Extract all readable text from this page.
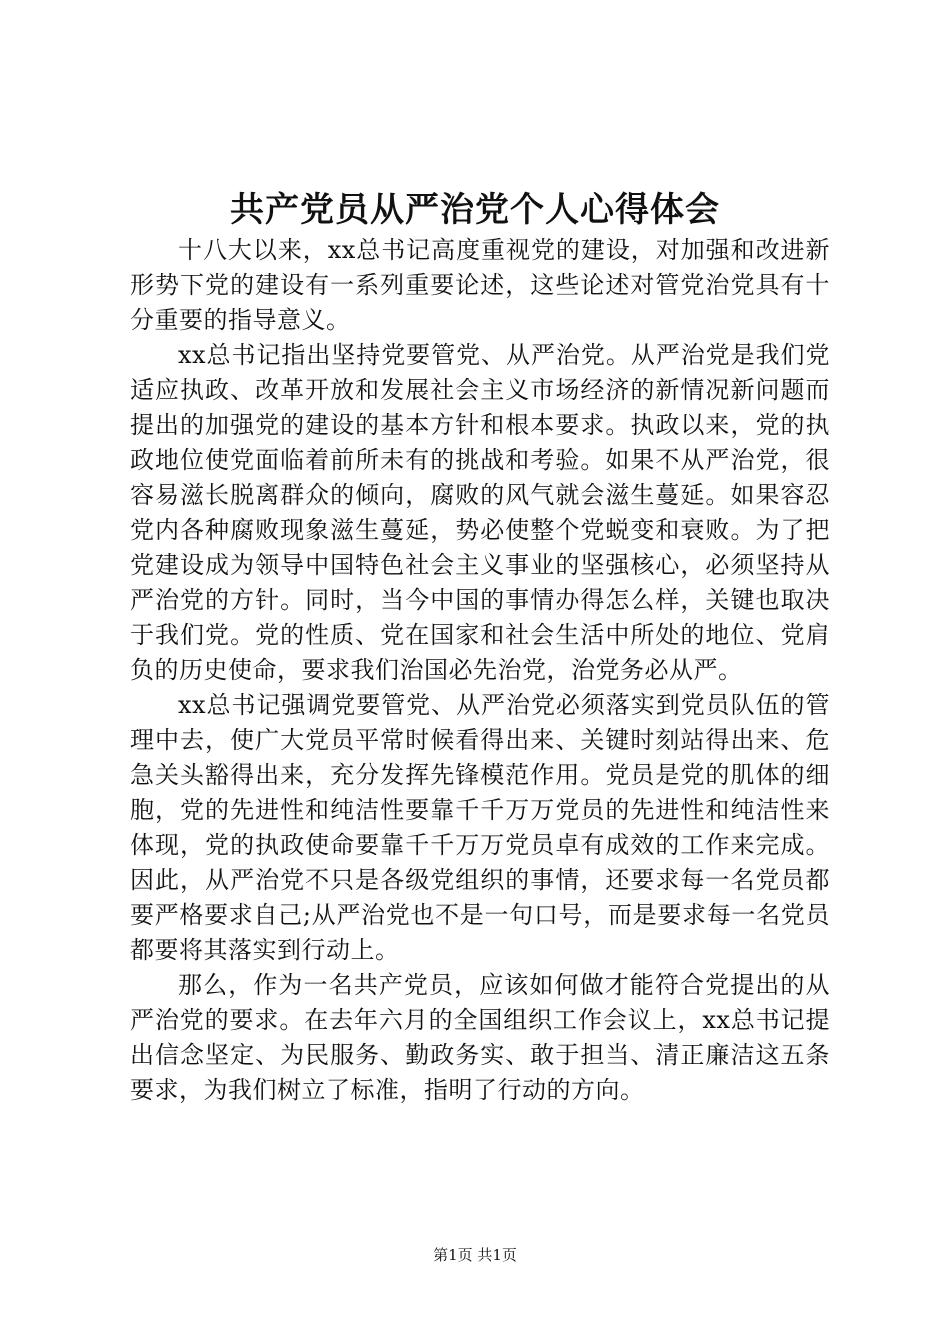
共产党员从严治党个人心得体会

十八大以来，xx总书记高度重视党的建设，对加强和改进新形势下党的建设有一系列重要论述，这些论述对管党治党具有十分重要的指导意义。

xx总书记指出坚持党要管党、从严治党。从严治党是我们党适应执政、改革开放和发展社会主义市场经济的新情况新问题而提出的加强党的建设的基本方针和根本要求。执政以来，党的执政地位使党面临着前所未有的挑战和考验。如果不从严治党，很容易滋长脱离群众的倾向，腐败的风气就会滋生蔓延。如果容忍党内各种腐败现象滋生蔓延，势必使整个党蜕变和衰败。为了把党建设成为领导中国特色社会主义事业的坚强核心，必须坚持从严治党的方针。同时，当今中国的事情办得怎么样，关键也取决于我们党。党的性质、党在国家和社会生活中所处的地位、党肩负的历史使命，要求我们治国必先治党，治党务必从严。

xx总书记强调党要管党、从严治党必须落实到党员队伍的管理中去，使广大党员平常时候看得出来、关键时刻站得出来、危急关头豁得出来，充分发挥先锋模范作用。党员是党的肌体的细胞，党的先进性和纯洁性要靠千千万万党员的先进性和纯洁性来体现，党的执政使命要靠千千万万党员卓有成效的工作来完成。因此，从严治党不只是各级党组织的事情，还要求每一名党员都要严格要求自己;从严治党也不是一句口号，而是要求每一名党员都要将其落实到行动上。

那么，作为一名共产党员，应该如何做才能符合党提出的从严治党的要求。在去年六月的全国组织工作会议上，xx总书记提出信念坚定、为民服务、勤政务实、敢于担当、清正廉洁这五条要求，为我们树立了标准，指明了行动的方向。

第1页 共1页
